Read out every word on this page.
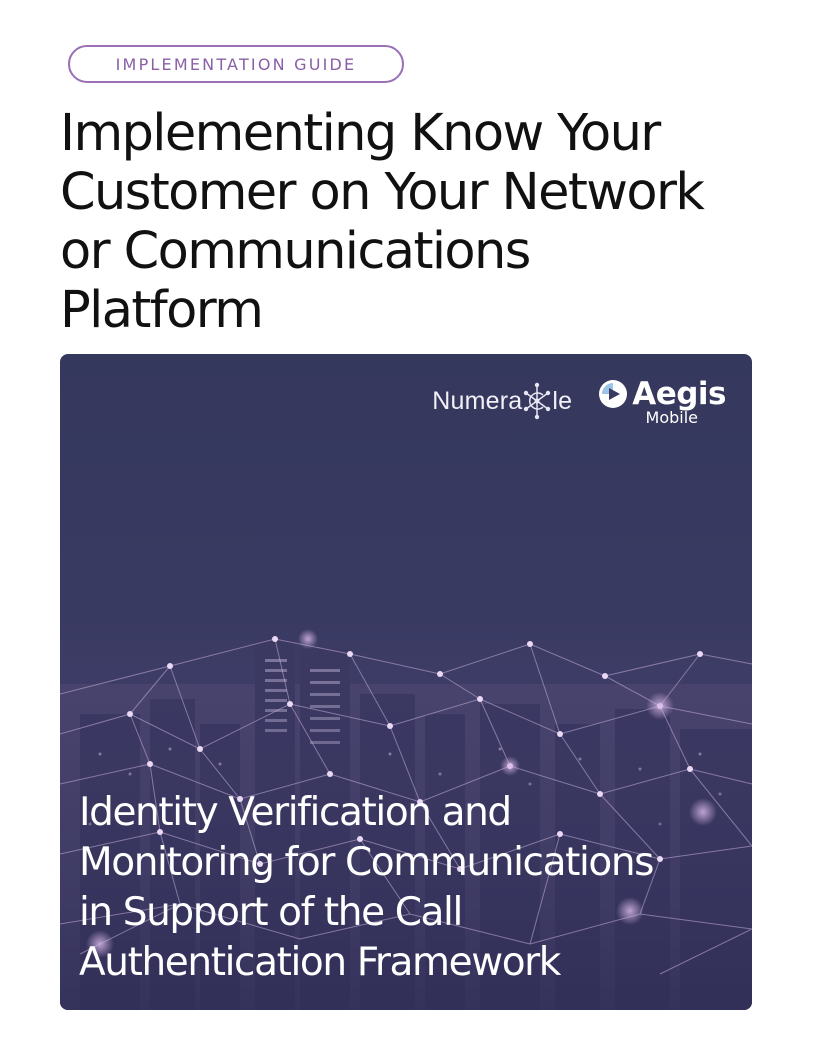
IMPLEMENTATION GUIDE
Implementing Know Your
Customer on Your Network
or Communications
Platform
Numera le Aegis
Mobile
Identity Verification and
Monitoring for Communications
in Support of the Call
Authentication Framework
